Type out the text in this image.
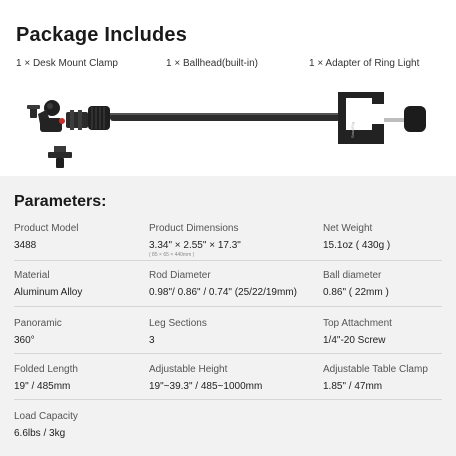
Package Includes
1 × Desk Mount Clamp	1 × Ballhead(built-in)	1 × Adapter of Ring Light
SmallRig
Parameters:
Product Model
3488
Product Dimensions
3.34" × 2.55" × 17.3"
( 85 × 65 × 440mm )
Net Weight
15.1oz ( 430g )
Material
Aluminum Alloy
Rod Diameter
0.98"/ 0.86" / 0.74" (25/22/19mm)
Ball diameter
0.86" ( 22mm )
Panoramic
360°
Leg Sections
3
Top Attachment
1/4"-20 Screw
Folded Length
19" / 485mm
Adjustable Height
19"~39.3" / 485~1000mm
Adjustable Table Clamp
1.85" / 47mm
Load Capacity
6.6lbs / 3kg
